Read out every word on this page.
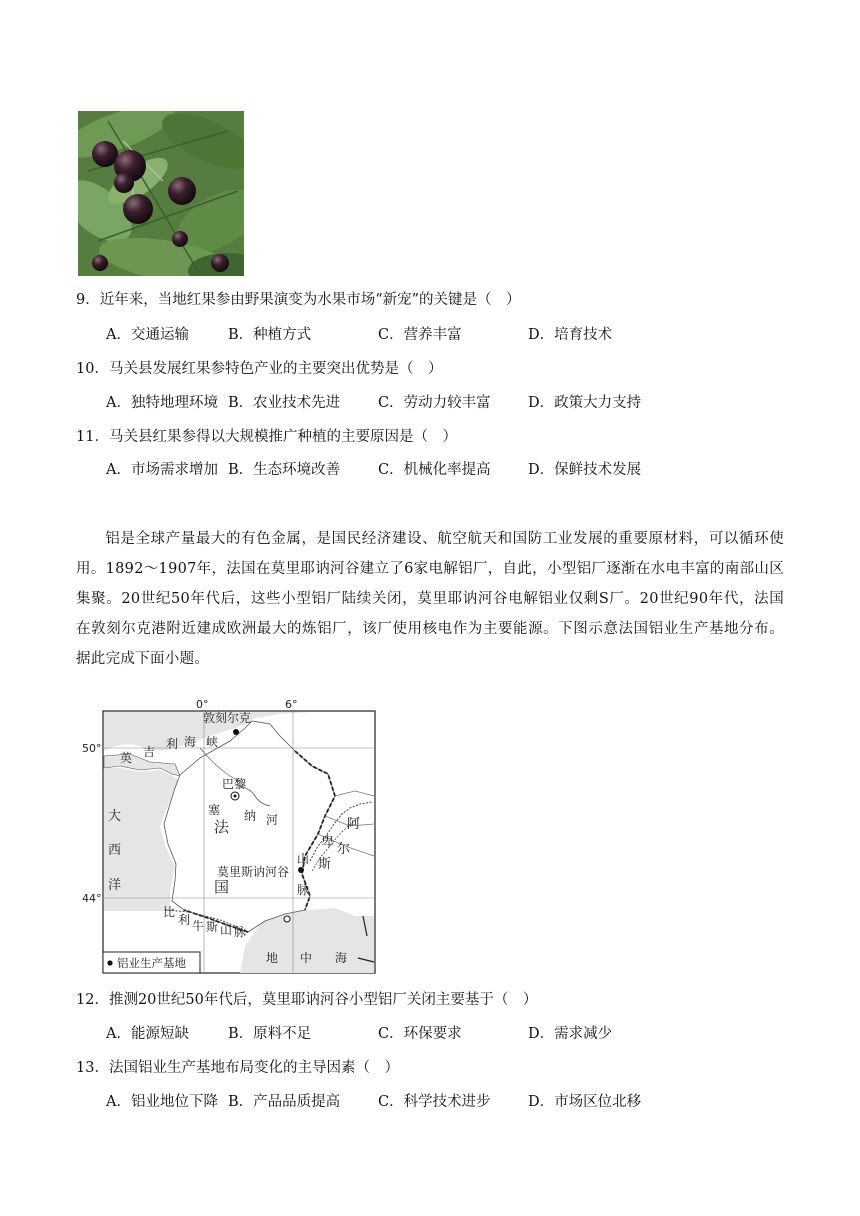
9．近年来，当地红果参由野果演变为水果市场“新宠”的关键是（　）
A．交通运输	B．种植方式	C．营养丰富	D．培育技术
10．马关县发展红果参特色产业的主要突出优势是（　）
A．独特地理环境 B．农业技术先进	C．劳动力较丰富	D．政策大力支持
11．马关县红果参得以大规模推广种植的主要原因是（　）
A．市场需求增加 B．生态环境改善	C．机械化率提高	D．保鲜技术发展
铝是全球产量最大的有色金属，是国民经济建设、航空航天和国防工业发展的重要原材料，可以循环使用。1892～1907年，法国在莫里耶讷河谷建立了6家电解铝厂，自此，小型铝厂逐渐在水电丰富的南部山区集聚。20世纪50年代后，这些小型铝厂陆续关闭，莫里耶讷河谷电解铝业仅剩S厂。20世纪90年代，法国在敦刻尔克港附近建成欧洲最大的炼铝厂，该厂使用核电作为主要能源。下图示意法国铝业生产基地分布。据此完成下面小题。
0°	6°
50°
44°
敦刻尔克
英 吉
利 海 峡
巴黎
塞 纳 河
法
国
大
西
洋
阿
尔
卑
斯
山
脉
莫里斯讷河谷
比
利 牛 斯 山 脉
地 中 海
铝业生产基地
12．推测20世纪50年代后，莫里耶讷河谷小型铝厂关闭主要基于（　）
A．能源短缺	B．原料不足	C．环保要求	D．需求减少
13．法国铝业生产基地布局变化的主导因素（　）
A．铝业地位下降 B．产品品质提高	C．科学技术进步	D．市场区位北移
